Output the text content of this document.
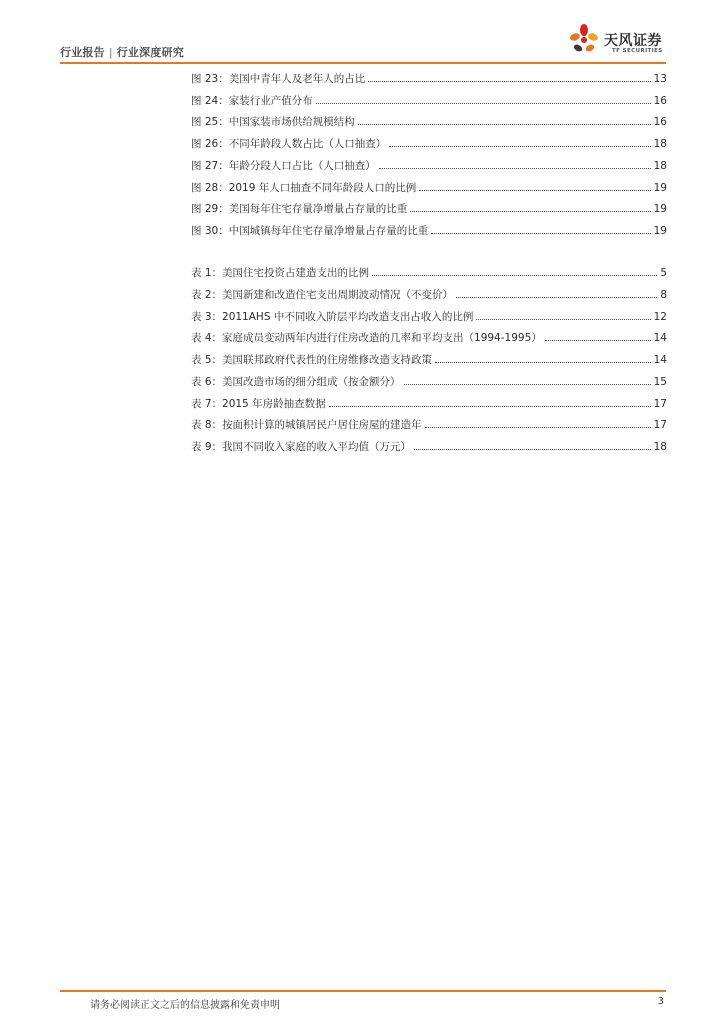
行业报告 | 行业深度研究
天风证券
TF SECURITIES
图 23：美国中青年人及老年人的占比	13
图 24：家装行业产值分布	16
图 25：中国家装市场供给规模结构	16
图 26：不同年龄段人数占比（人口抽查）	18
图 27：年龄分段人口占比（人口抽查）	18
图 28：2019 年人口抽查不同年龄段人口的比例	19
图 29：美国每年住宅存量净增量占存量的比重	19
图 30：中国城镇每年住宅存量净增量占存量的比重	19
表 1：美国住宅投资占建造支出的比例	5
表 2：美国新建和改造住宅支出周期波动情况（不变价）	8
表 3：2011AHS 中不同收入阶层平均改造支出占收入的比例	12
表 4：家庭成员变动两年内进行住房改造的几率和平均支出（1994-1995）	14
表 5：美国联邦政府代表性的住房维修改造支持政策	14
表 6：美国改造市场的细分组成（按金额分）	15
表 7：2015 年房龄抽查数据	17
表 8：按面积计算的城镇居民户居住房屋的建造年	17
表 9：我国不同收入家庭的收入平均值（万元）	18
请务必阅读正文之后的信息披露和免责申明	3
